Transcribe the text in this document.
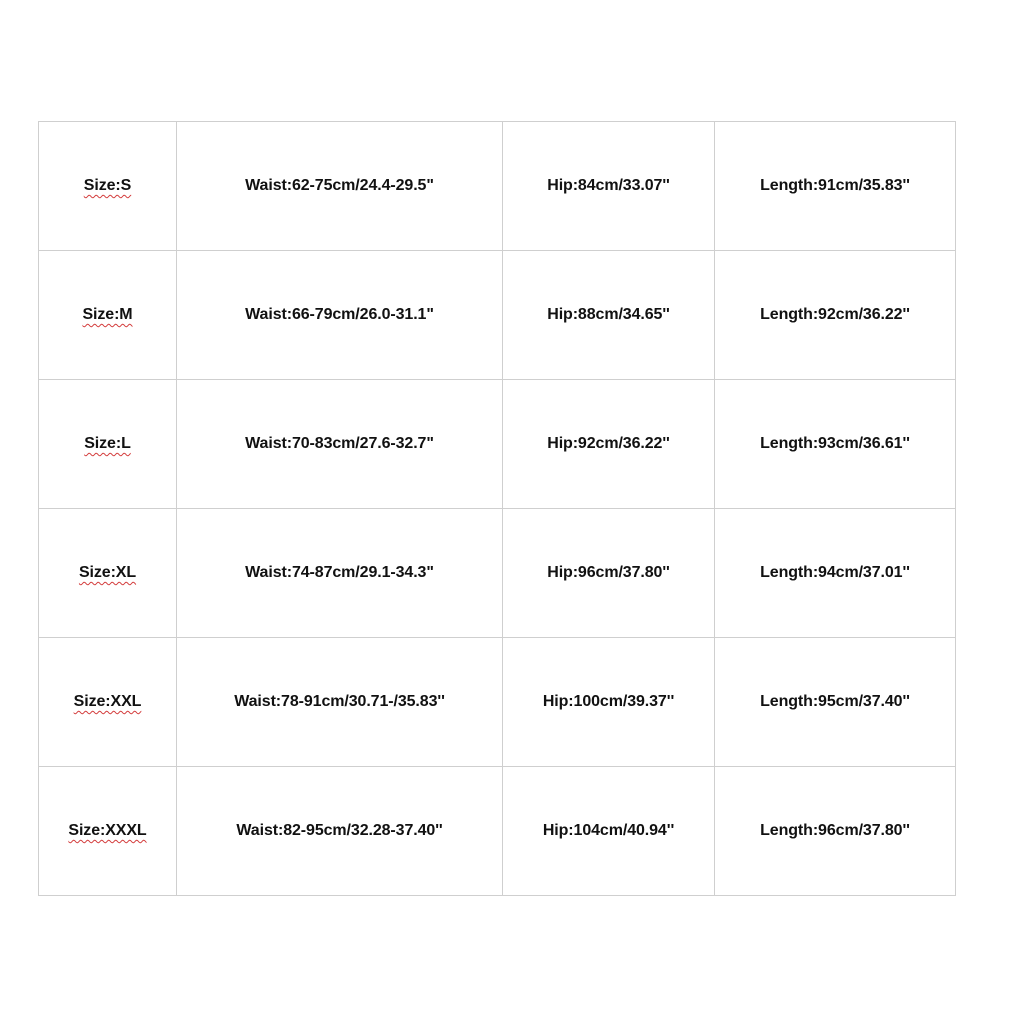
Size:S	Waist:62-75cm/24.4-29.5"	Hip:84cm/33.07''	Length:91cm/35.83''
Size:M	Waist:66-79cm/26.0-31.1"	Hip:88cm/34.65''	Length:92cm/36.22''
Size:L	Waist:70-83cm/27.6-32.7"	Hip:92cm/36.22''	Length:93cm/36.61''
Size:XL	Waist:74-87cm/29.1-34.3"	Hip:96cm/37.80''	Length:94cm/37.01''
Size:XXL	Waist:78-91cm/30.71-/35.83''	Hip:100cm/39.37''	Length:95cm/37.40''
Size:XXXL	Waist:82-95cm/32.28-37.40''	Hip:104cm/40.94''	Length:96cm/37.80''
